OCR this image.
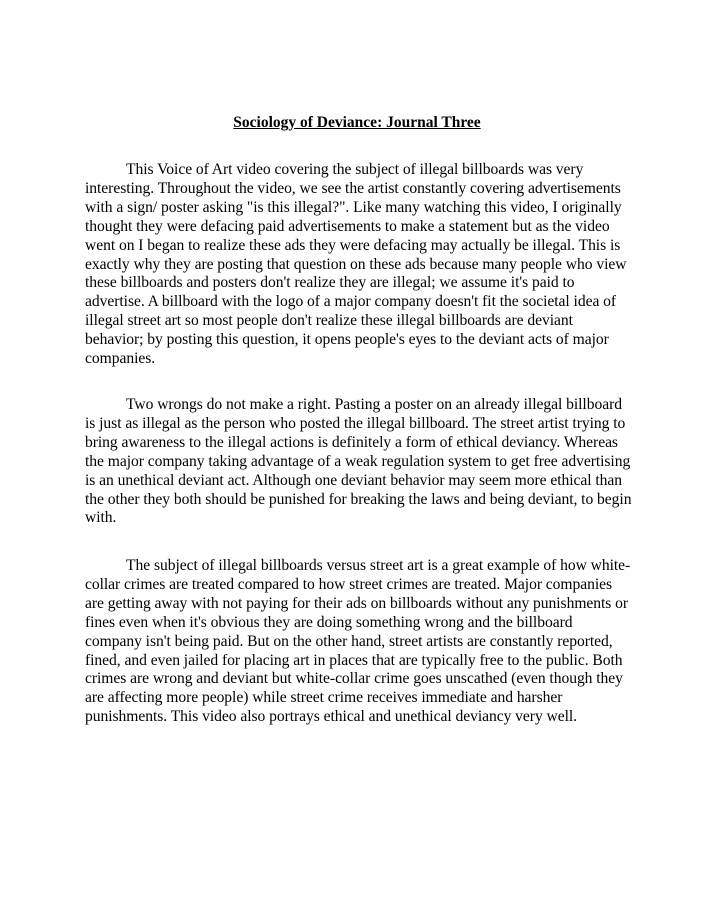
Sociology of Deviance: Journal Three

This Voice of Art video covering the subject of illegal billboards was very interesting. Throughout the video, we see the artist constantly covering advertisements with a sign/ poster asking "is this illegal?". Like many watching this video, I originally thought they were defacing paid advertisements to make a statement but as the video went on I began to realize these ads they were defacing may actually be illegal. This is exactly why they are posting that question on these ads because many people who view these billboards and posters don't realize they are illegal; we assume it's paid to advertise. A billboard with the logo of a major company doesn't fit the societal idea of illegal street art so most people don't realize these illegal billboards are deviant behavior; by posting this question, it opens people's eyes to the deviant acts of major companies.

Two wrongs do not make a right. Pasting a poster on an already illegal billboard is just as illegal as the person who posted the illegal billboard. The street artist trying to bring awareness to the illegal actions is definitely a form of ethical deviancy. Whereas the major company taking advantage of a weak regulation system to get free advertising is an unethical deviant act. Although one deviant behavior may seem more ethical than the other they both should be punished for breaking the laws and being deviant, to begin with.

The subject of illegal billboards versus street art is a great example of how white-collar crimes are treated compared to how street crimes are treated. Major companies are getting away with not paying for their ads on billboards without any punishments or fines even when it's obvious they are doing something wrong and the billboard company isn't being paid. But on the other hand, street artists are constantly reported, fined, and even jailed for placing art in places that are typically free to the public. Both crimes are wrong and deviant but white-collar crime goes unscathed (even though they are affecting more people) while street crime receives immediate and harsher punishments. This video also portrays ethical and unethical deviancy very well.
